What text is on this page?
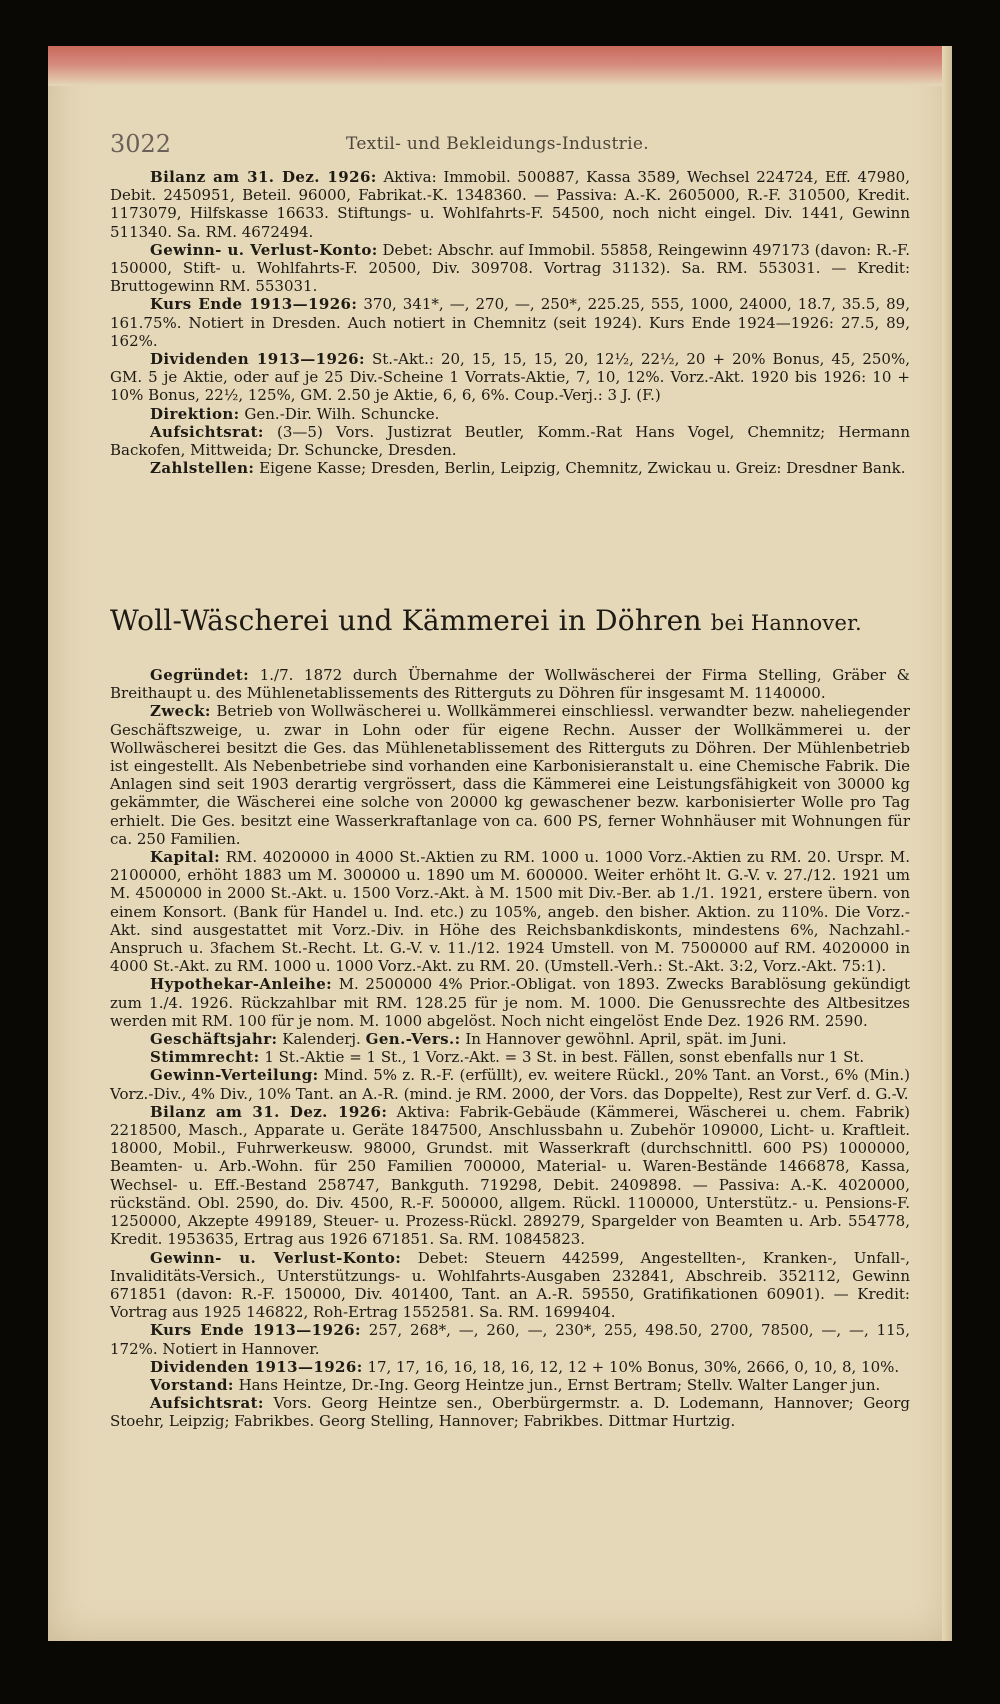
3022	Textil- und Bekleidungs-Industrie.

Bilanz am 31. Dez. 1926: Aktiva: Immobil. 500887, Kassa 3589, Wechsel 224724, Eff. 47980, Debit. 2450951, Beteil. 96000, Fabrikat.-K. 1348360. — Passiva: A.-K. 2605000, R.-F. 310500, Kredit. 1173079, Hilfskasse 16633. Stiftungs- u. Wohlfahrts-F. 54500, noch nicht eingel. Div. 1441, Gewinn 511340. Sa. RM. 4672494.

Gewinn- u. Verlust-Konto: Debet: Abschr. auf Immobil. 55858, Reingewinn 497173 (davon: R.-F. 150000, Stift- u. Wohlfahrts-F. 20500, Div. 309708. Vortrag 31132). Sa. RM. 553031. — Kredit: Bruttogewinn RM. 553031.

Kurs Ende 1913—1926: 370, 341*, —, 270, —, 250*, 225.25, 555, 1000, 24000, 18.7, 35.5, 89, 161.75%. Notiert in Dresden. Auch notiert in Chemnitz (seit 1924). Kurs Ende 1924—1926: 27.5, 89, 162%.

Dividenden 1913—1926: St.-Akt.: 20, 15, 15, 15, 20, 12½, 22½, 20 + 20% Bonus, 45, 250%, GM. 5 je Aktie, oder auf je 25 Div.-Scheine 1 Vorrats-Aktie, 7, 10, 12%. Vorz.-Akt. 1920 bis 1926: 10 + 10% Bonus, 22½, 125%, GM. 2.50 je Aktie, 6, 6, 6%. Coup.-Verj.: 3 J. (F.)

Direktion: Gen.-Dir. Wilh. Schuncke.

Aufsichtsrat: (3—5) Vors. Justizrat Beutler, Komm.-Rat Hans Vogel, Chemnitz; Hermann Backofen, Mittweida; Dr. Schuncke, Dresden.

Zahlstellen: Eigene Kasse; Dresden, Berlin, Leipzig, Chemnitz, Zwickau u. Greiz: Dresdner Bank.

Woll-Wäscherei und Kämmerei in Döhren bei Hannover.

Gegründet: 1./7. 1872 durch Übernahme der Wollwäscherei der Firma Stelling, Gräber & Breithaupt u. des Mühlenetablissements des Ritterguts zu Döhren für insgesamt M. 1140000.

Zweck: Betrieb von Wollwäscherei u. Wollkämmerei einschliessl. verwandter bezw. naheliegender Geschäftszweige, u. zwar in Lohn oder für eigene Rechn. Ausser der Wollkämmerei u. der Wollwäscherei besitzt die Ges. das Mühlenetablissement des Ritterguts zu Döhren. Der Mühlenbetrieb ist eingestellt. Als Nebenbetriebe sind vorhanden eine Karbonisieranstalt u. eine Chemische Fabrik. Die Anlagen sind seit 1903 derartig vergrössert, dass die Kämmerei eine Leistungsfähigkeit von 30000 kg gekämmter, die Wäscherei eine solche von 20000 kg gewaschener bezw. karbonisierter Wolle pro Tag erhielt. Die Ges. besitzt eine Wasserkraftanlage von ca. 600 PS, ferner Wohnhäuser mit Wohnungen für ca. 250 Familien.

Kapital: RM. 4020000 in 4000 St.-Aktien zu RM. 1000 u. 1000 Vorz.-Aktien zu RM. 20. Urspr. M. 2100000, erhöht 1883 um M. 300000 u. 1890 um M. 600000. Weiter erhöht lt. G.-V. v. 27./12. 1921 um M. 4500000 in 2000 St.-Akt. u. 1500 Vorz.-Akt. à M. 1500 mit Div.-Ber. ab 1./1. 1921, erstere übern. von einem Konsort. (Bank für Handel u. Ind. etc.) zu 105%, angeb. den bisher. Aktion. zu 110%. Die Vorz.-Akt. sind ausgestattet mit Vorz.-Div. in Höhe des Reichsbankdiskonts, mindestens 6%, Nachzahl.-Anspruch u. 3fachem St.-Recht. Lt. G.-V. v. 11./12. 1924 Umstell. von M. 7500000 auf RM. 4020000 in 4000 St.-Akt. zu RM. 1000 u. 1000 Vorz.-Akt. zu RM. 20. (Umstell.-Verh.: St.-Akt. 3:2, Vorz.-Akt. 75:1).

Hypothekar-Anleihe: M. 2500000 4% Prior.-Obligat. von 1893. Zwecks Barablösung gekündigt zum 1./4. 1926. Rückzahlbar mit RM. 128.25 für je nom. M. 1000. Die Genussrechte des Altbesitzes werden mit RM. 100 für je nom. M. 1000 abgelöst. Noch nicht eingelöst Ende Dez. 1926 RM. 2590.

Geschäftsjahr: Kalenderj. Gen.-Vers.: In Hannover gewöhnl. April, spät. im Juni.

Stimmrecht: 1 St.-Aktie = 1 St., 1 Vorz.-Akt. = 3 St. in best. Fällen, sonst ebenfalls nur 1 St.

Gewinn-Verteilung: Mind. 5% z. R.-F. (erfüllt), ev. weitere Rückl., 20% Tant. an Vorst., 6% (Min.) Vorz.-Div., 4% Div., 10% Tant. an A.-R. (mind. je RM. 2000, der Vors. das Doppelte), Rest zur Verf. d. G.-V.

Bilanz am 31. Dez. 1926: Aktiva: Fabrik-Gebäude (Kämmerei, Wäscherei u. chem. Fabrik) 2218500, Masch., Apparate u. Geräte 1847500, Anschlussbahn u. Zubehör 109000, Licht- u. Kraftleit. 18000, Mobil., Fuhrwerkeusw. 98000, Grundst. mit Wasserkraft (durchschnittl. 600 PS) 1000000, Beamten- u. Arb.-Wohn. für 250 Familien 700000, Material- u. Waren-Bestände 1466878, Kassa, Wechsel- u. Eff.-Bestand 258747, Bankguth. 719298, Debit. 2409898. — Passiva: A.-K. 4020000, rückständ. Obl. 2590, do. Div. 4500, R.-F. 500000, allgem. Rückl. 1100000, Unterstütz.- u. Pensions-F. 1250000, Akzepte 499189, Steuer- u. Prozess-Rückl. 289279, Spargelder von Beamten u. Arb. 554778, Kredit. 1953635, Ertrag aus 1926 671851. Sa. RM. 10845823.

Gewinn- u. Verlust-Konto: Debet: Steuern 442599, Angestellten-, Kranken-, Unfall-, Invaliditäts-Versich., Unterstützungs- u. Wohlfahrts-Ausgaben 232841, Abschreib. 352112, Gewinn 671851 (davon: R.-F. 150000, Div. 401400, Tant. an A.-R. 59550, Gratifikationen 60901). — Kredit: Vortrag aus 1925 146822, Roh-Ertrag 1552581. Sa. RM. 1699404.

Kurs Ende 1913—1926: 257, 268*, —, 260, —, 230*, 255, 498.50, 2700, 78500, —, —, 115, 172%. Notiert in Hannover.

Dividenden 1913—1926: 17, 17, 16, 16, 18, 16, 12, 12 + 10% Bonus, 30%, 2666, 0, 10, 8, 10%.

Vorstand: Hans Heintze, Dr.-Ing. Georg Heintze jun., Ernst Bertram; Stellv. Walter Langer jun.

Aufsichtsrat: Vors. Georg Heintze sen., Oberbürgermstr. a. D. Lodemann, Hannover; Georg Stoehr, Leipzig; Fabrikbes. Georg Stelling, Hannover; Fabrikbes. Dittmar Hurtzig.
